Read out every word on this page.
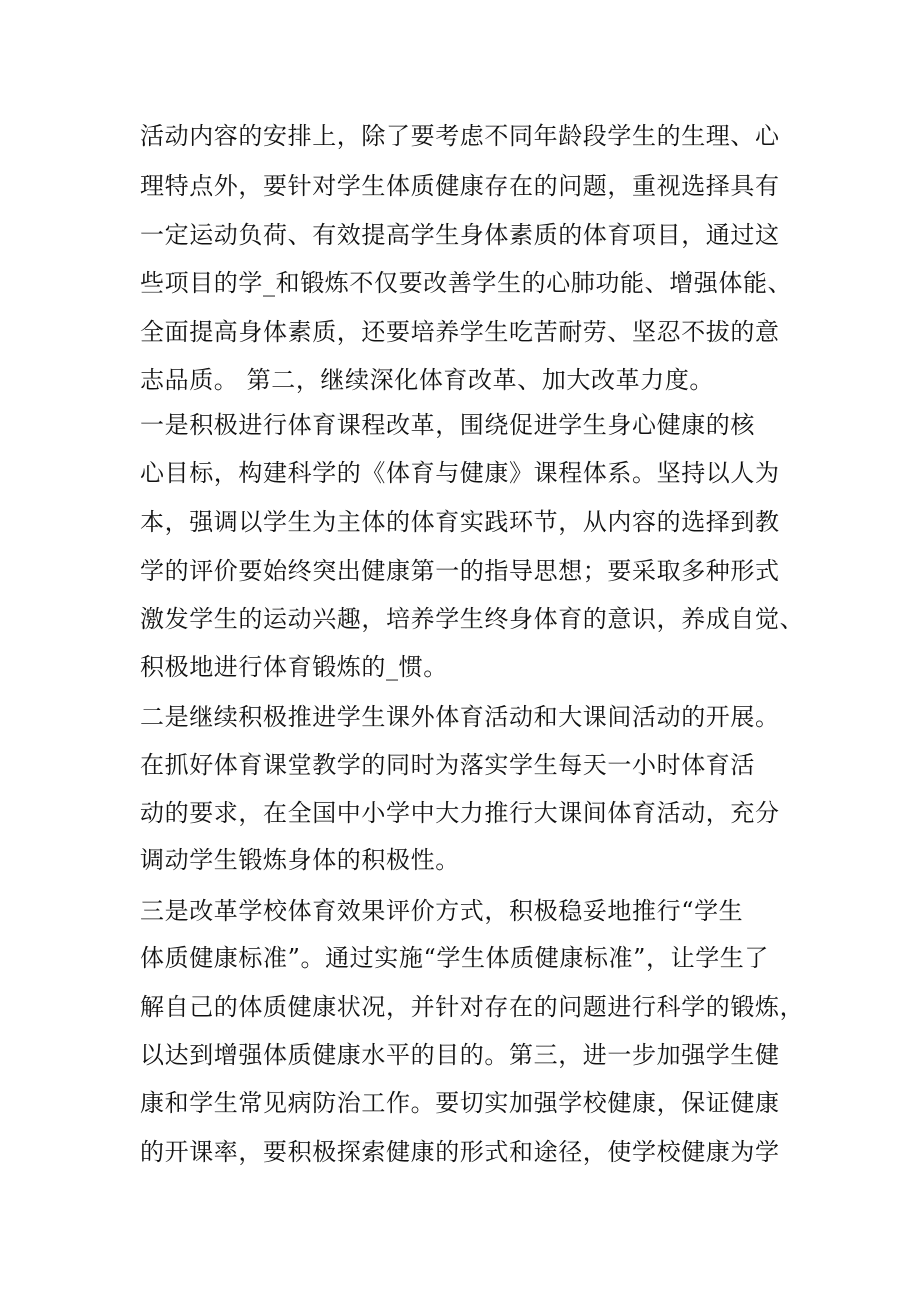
活动内容的安排上，除了要考虑不同年龄段学生的生理、心
理特点外，要针对学生体质健康存在的问题，重视选择具有
一定运动负荷、有效提高学生身体素质的体育项目，通过这
些项目的学_和锻炼不仅要改善学生的心肺功能、增强体能、
全面提高身体素质，还要培养学生吃苦耐劳、坚忍不拔的意
志品质。 第二，继续深化体育改革、加大改革力度。
一是积极进行体育课程改革，围绕促进学生身心健康的核
心目标，构建科学的《体育与健康》课程体系。坚持以人为
本，强调以学生为主体的体育实践环节，从内容的选择到教
学的评价要始终突出健康第一的指导思想；要采取多种形式
激发学生的运动兴趣，培养学生终身体育的意识，养成自觉、
积极地进行体育锻炼的_惯。
二是继续积极推进学生课外体育活动和大课间活动的开展。
在抓好体育课堂教学的同时为落实学生每天一小时体育活
动的要求，在全国中小学中大力推行大课间体育活动，充分
调动学生锻炼身体的积极性。
三是改革学校体育效果评价方式，积极稳妥地推行“学生
体质健康标准”。通过实施“学生体质健康标准”，让学生了
解自己的体质健康状况，并针对存在的问题进行科学的锻炼，
以达到增强体质健康水平的目的。第三，进一步加强学生健
康和学生常见病防治工作。要切实加强学校健康，保证健康
的开课率，要积极探索健康的形式和途径，使学校健康为学
